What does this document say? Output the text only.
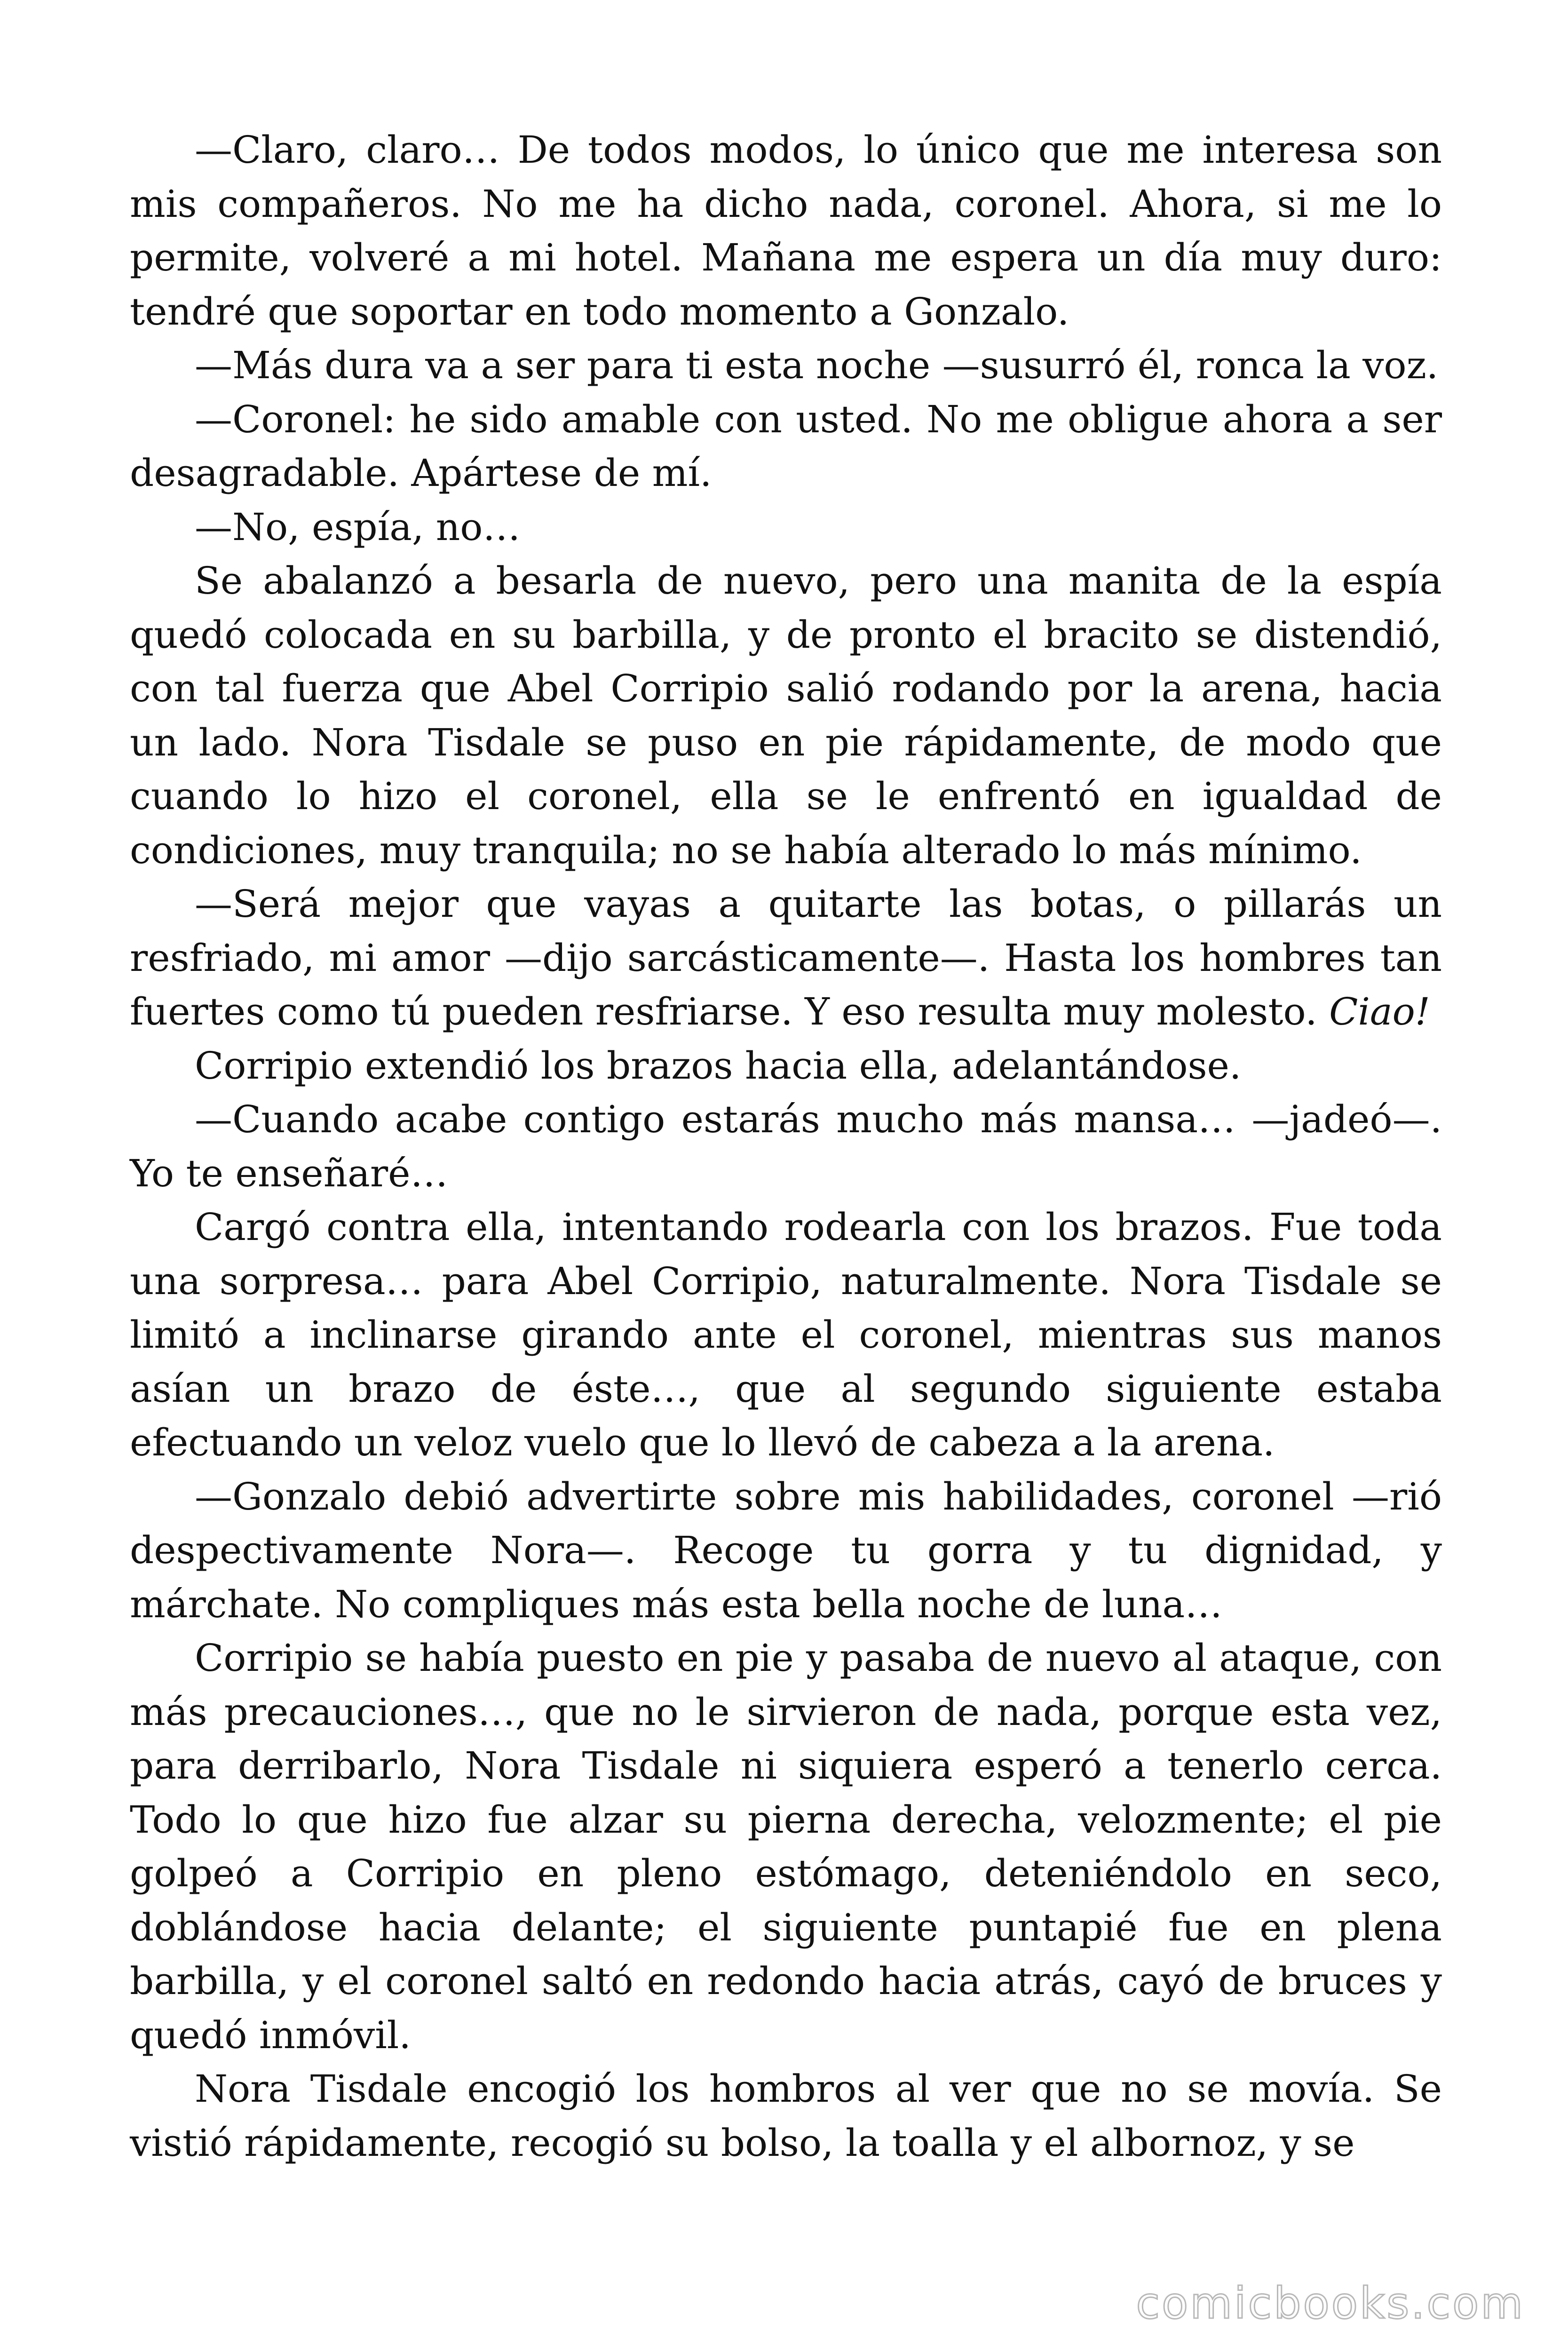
—Claro, claro… De todos modos, lo único que me interesa son mis compañeros. No me ha dicho nada, coronel. Ahora, si me lo permite, volveré a mi hotel. Mañana me espera un día muy duro: tendré que soportar en todo momento a Gonzalo.

—Más dura va a ser para ti esta noche —susurró él, ronca la voz.

—Coronel: he sido amable con usted. No me obligue ahora a ser desagradable. Apártese de mí.

—No, espía, no…

Se abalanzó a besarla de nuevo, pero una manita de la espía quedó colocada en su barbilla, y de pronto el bracito se distendió, con tal fuerza que Abel Corripio salió rodando por la arena, hacia un lado. Nora Tisdale se puso en pie rápidamente, de modo que cuando lo hizo el coronel, ella se le enfrentó en igualdad de condiciones, muy tranquila; no se había alterado lo más mínimo.

—Será mejor que vayas a quitarte las botas, o pillarás un resfriado, mi amor —dijo sarcásticamente—. Hasta los hombres tan fuertes como tú pueden resfriarse. Y eso resulta muy molesto. Ciao!

Corripio extendió los brazos hacia ella, adelantándose.

—Cuando acabe contigo estarás mucho más mansa… —jadeó—. Yo te enseñaré…

Cargó contra ella, intentando rodearla con los brazos. Fue toda una sorpresa… para Abel Corripio, naturalmente. Nora Tisdale se limitó a inclinarse girando ante el coronel, mientras sus manos asían un brazo de éste…, que al segundo siguiente estaba efectuando un veloz vuelo que lo llevó de cabeza a la arena.

—Gonzalo debió advertirte sobre mis habilidades, coronel —rió despectivamente Nora—. Recoge tu gorra y tu dignidad, y márchate. No compliques más esta bella noche de luna…

Corripio se había puesto en pie y pasaba de nuevo al ataque, con más precauciones…, que no le sirvieron de nada, porque esta vez, para derribarlo, Nora Tisdale ni siquiera esperó a tenerlo cerca. Todo lo que hizo fue alzar su pierna derecha, velozmente; el pie golpeó a Corripio en pleno estómago, deteniéndolo en seco, doblándose hacia delante; el siguiente puntapié fue en plena barbilla, y el coronel saltó en redondo hacia atrás, cayó de bruces y quedó inmóvil.

Nora Tisdale encogió los hombros al ver que no se movía. Se vistió rápidamente, recogió su bolso, la toalla y el albornoz, y se

comicbooks.com
